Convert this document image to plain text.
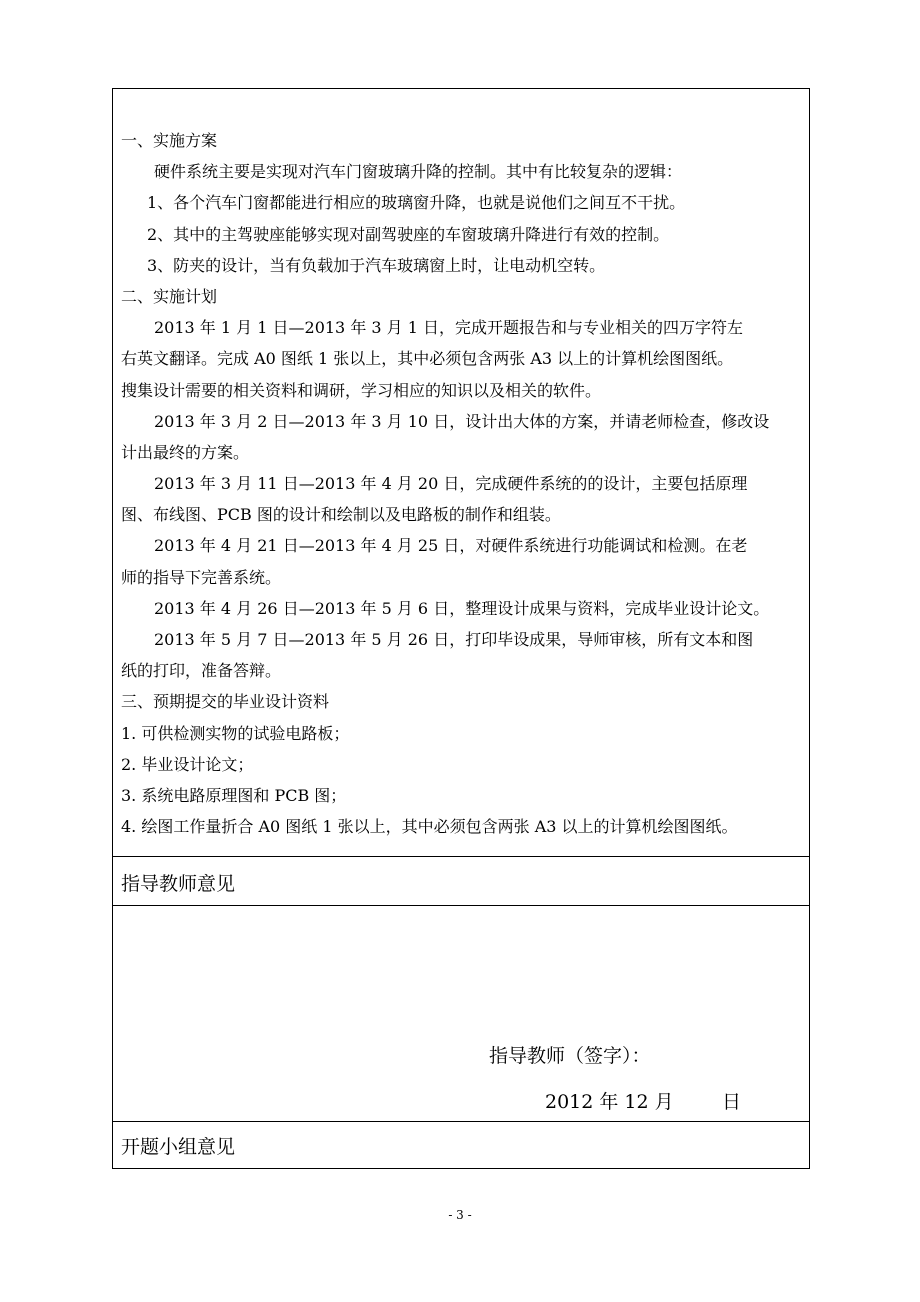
一、实施方案
硬件系统主要是实现对汽车门窗玻璃升降的控制。其中有比较复杂的逻辑：
1、各个汽车门窗都能进行相应的玻璃窗升降，也就是说他们之间互不干扰。
2、其中的主驾驶座能够实现对副驾驶座的车窗玻璃升降进行有效的控制。
3、防夹的设计，当有负载加于汽车玻璃窗上时，让电动机空转。
二、实施计划
2013 年 1 月 1 日—2013 年 3 月 1 日，完成开题报告和与专业相关的四万字符左
右英文翻译。完成 A0 图纸 1 张以上，其中必须包含两张 A3 以上的计算机绘图图纸。
搜集设计需要的相关资料和调研，学习相应的知识以及相关的软件。
2013 年 3 月 2 日—2013 年 3 月 10 日，设计出大体的方案，并请老师检查，修改设
计出最终的方案。
2013 年 3 月 11 日—2013 年 4 月 20 日，完成硬件系统的的设计，主要包括原理
图、布线图、PCB 图的设计和绘制以及电路板的制作和组装。
2013 年 4 月 21 日—2013 年 4 月 25 日，对硬件系统进行功能调试和检测。在老
师的指导下完善系统。
2013 年 4 月 26 日—2013 年 5 月 6 日，整理设计成果与资料，完成毕业设计论文。
2013 年 5 月 7 日—2013 年 5 月 26 日，打印毕设成果，导师审核，所有文本和图
纸的打印，准备答辩。
三、预期提交的毕业设计资料
1. 可供检测实物的试验电路板；
2. 毕业设计论文；
3. 系统电路原理图和 PCB 图；
4. 绘图工作量折合 A0 图纸 1 张以上，其中必须包含两张 A3 以上的计算机绘图图纸。
指导教师意见
指导教师（签字）：
2012 年 12 月        日
开题小组意见
- 3 -
